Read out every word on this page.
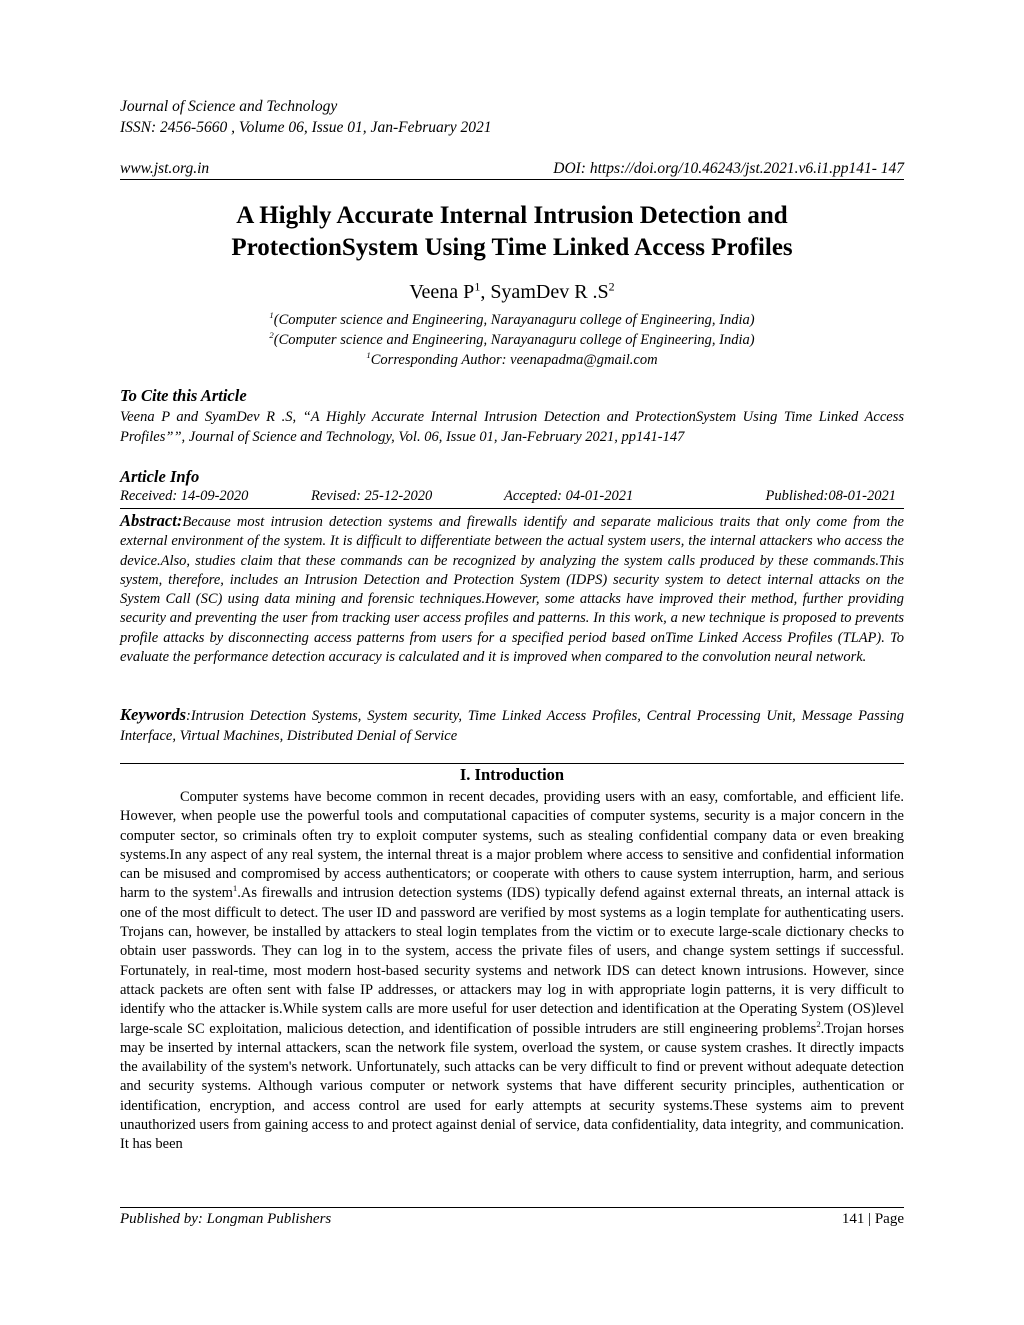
Journal of Science and Technology
ISSN: 2456-5660 , Volume 06, Issue 01, Jan-February 2021
www.jst.org.in	DOI: https://doi.org/10.46243/jst.2021.v6.i1.pp141- 147
A Highly Accurate Internal Intrusion Detection and
ProtectionSystem Using Time Linked Access Profiles
Veena $P^1$, SyamDev R $.S^2$
$^1$(Computer science and Engineering, Narayanaguru college of Engineering, India)
$^2$(Computer science and Engineering, Narayanaguru college of Engineering, India)
$^1$Corresponding Author: veenapadma@gmail.com
To Cite this Article
Veena P and SyamDev R .S, “A Highly Accurate Internal Intrusion Detection and ProtectionSystem Using Time Linked Access Profiles””, Journal of Science and Technology, Vol. 06, Issue 01, Jan-February 2021, pp141-147
Article Info
Received: 14-09-2020	Revised: 25-12-2020	Accepted: 04-01-2021	Published:08-01-2021
Abstract:Because most intrusion detection systems and firewalls identify and separate malicious traits that only come from the external environment of the system. It is difficult to differentiate between the actual system users, the internal attackers who access the device.Also, studies claim that these commands can be recognized by analyzing the system calls produced by these commands.This system, therefore, includes an Intrusion Detection and Protection System (IDPS) security system to detect internal attacks on the System Call (SC) using data mining and forensic techniques.However, some attacks have improved their method, further providing security and preventing the user from tracking user access profiles and patterns. In this work, a new technique is proposed to prevents profile attacks by disconnecting access patterns from users for a specified period based onTime Linked Access Profiles (TLAP). To evaluate the performance detection accuracy is calculated and it is improved when compared to the convolution neural network.
Keywords:Intrusion Detection Systems, System security, Time Linked Access Profiles, Central Processing Unit, Message Passing Interface, Virtual Machines, Distributed Denial of Service
I. Introduction

Computer systems have become common in recent decades, providing users with an easy, comfortable, and efficient life. However, when people use the powerful tools and computational capacities of computer systems, security is a major concern in the computer sector, so criminals often try to exploit computer systems, such as stealing confidential company data or even breaking systems.In any aspect of any real system, the internal threat is a major problem where access to sensitive and confidential information can be misused and compromised by access authenticators; or cooperate with others to cause system interruption, harm, and serious harm to the system$^1$.As firewalls and intrusion detection systems (IDS) typically defend against external threats, an internal attack is one of the most difficult to detect. The user ID and password are verified by most systems as a login template for authenticating users. Trojans can, however, be installed by attackers to steal login templates from the victim or to execute large-scale dictionary checks to obtain user passwords. They can log in to the system, access the private files of users, and change system settings if successful. Fortunately, in real-time, most modern host-based security systems and network IDS can detect known intrusions. However, since attack packets are often sent with false IP addresses, or attackers may log in with appropriate login patterns, it is very difficult to identify who the attacker is.While system calls are more useful for user detection and identification at the Operating System (OS)level large-scale SC exploitation, malicious detection, and identification of possible intruders are still engineering problems$^2$.Trojan horses may be inserted by internal attackers, scan the network file system, overload the system, or cause system crashes. It directly impacts the availability of the system's network. Unfortunately, such attacks can be very difficult to find or prevent without adequate detection and security systems. Although various computer or network systems that have different security principles, authentication or identification, encryption, and access control are used for early attempts at security systems.These systems aim to prevent unauthorized users from gaining access to and protect against denial of service, data confidentiality, data integrity, and communication. It has been

Published by: Longman Publishers	141 | Page
